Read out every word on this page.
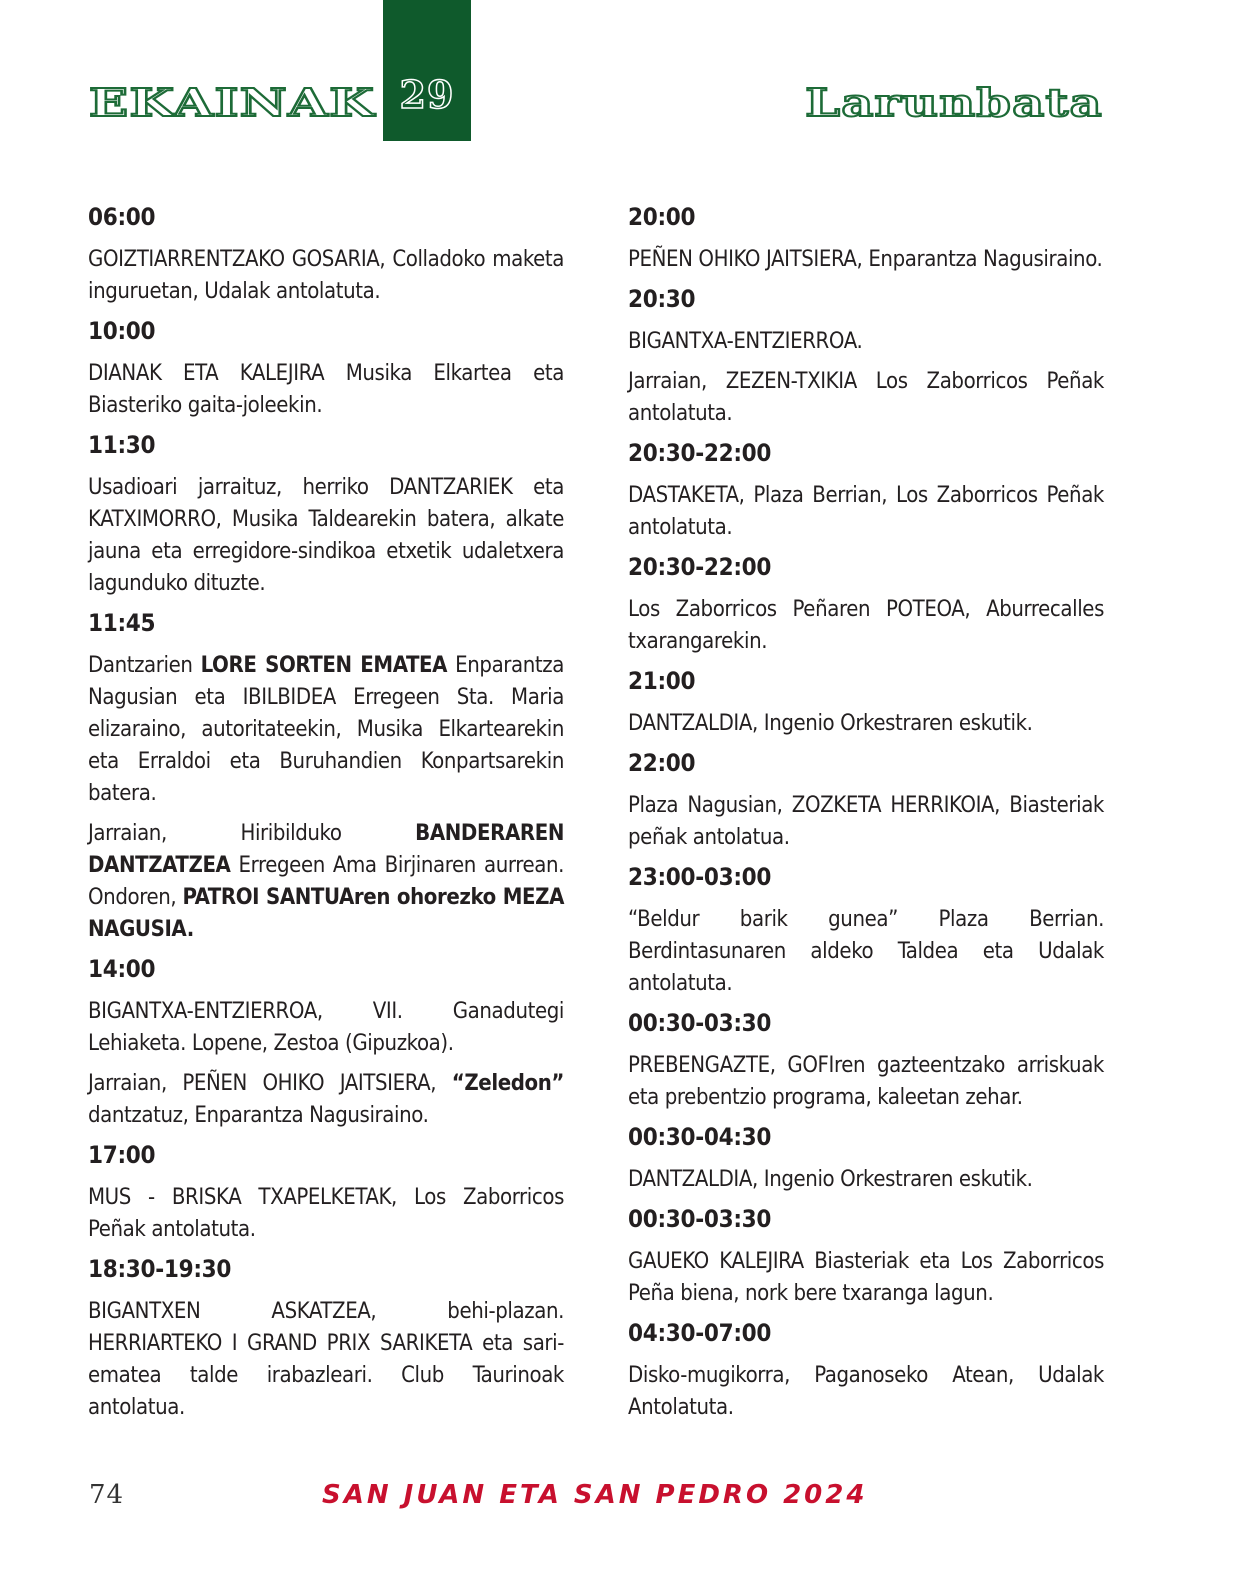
EKAINAK 29	Larunbata
06:00

GOIZTIARRENTZAKO GOSARIA, Colladoko maketa inguruetan, Udalak antolatuta.

10:00

DIANAK ETA KALEJIRA Musika Elkartea eta Biasteriko gaita-joleekin.

11:30

Usadioari jarraituz, herriko DANTZARIEK eta KATXIMORRO, Musika Taldearekin batera, alkate jauna eta erregidore-sindikoa etxetik udaletxera lagunduko dituzte.

11:45

Dantzarien LORE SORTEN EMATEA Enparantza Nagusian eta IBILBIDEA Erregeen Sta. Maria elizaraino, autoritateekin, Musika Elkartearekin eta Erraldoi eta Buruhandien Konpartsarekin batera.

Jarraian, Hiribilduko BANDERAREN DANTZATZEA Erregeen Ama Birjinaren aurrean. Ondoren, PATROI SANTUAren ohorezko MEZA NAGUSIA.

14:00

BIGANTXA-ENTZIERROA, VII. Ganadutegi Lehiaketa. Lopene, Zestoa (Gipuzkoa).

Jarraian, PEÑEN OHIKO JAITSIERA, “Zeledon” dantzatuz, Enparantza Nagusiraino.

17:00

MUS - BRISKA TXAPELKETAK, Los Zaborricos Peñak antolatuta.

18:30-19:30

BIGANTXEN ASKATZEA, behi-plazan. HERRIARTEKO I GRAND PRIX SARIKETA eta sari-ematea talde irabazleari. Club Taurinoak antolatua.

20:00

PEÑEN OHIKO JAITSIERA, Enparantza Nagusiraino.

20:30

BIGANTXA-ENTZIERROA.

Jarraian, ZEZEN-TXIKIA Los Zaborricos Peñak antolatuta.

20:30-22:00

DASTAKETA, Plaza Berrian, Los Zaborricos Peñak antolatuta.

20:30-22:00

Los Zaborricos Peñaren POTEOA, Aburrecalles txarangarekin.

21:00

DANTZALDIA, Ingenio Orkestraren eskutik.

22:00

Plaza Nagusian, ZOZKETA HERRIKOIA, Biasteriak peñak antolatua.

23:00-03:00

“Beldur barik gunea” Plaza Berrian. Berdintasunaren aldeko Taldea eta Udalak antolatuta.

00:30-03:30

PREBENGAZTE, GOFIren gazteentzako arriskuak eta prebentzio programa, kaleetan zehar.

00:30-04:30

DANTZALDIA, Ingenio Orkestraren eskutik.

00:30-03:30

GAUEKO KALEJIRA Biasteriak eta Los Zaborricos Peña biena, nork bere txaranga lagun.

04:30-07:00

Disko-mugikorra, Paganoseko Atean, Udalak Antolatuta.

74	SAN JUAN ETA SAN PEDRO 2024
